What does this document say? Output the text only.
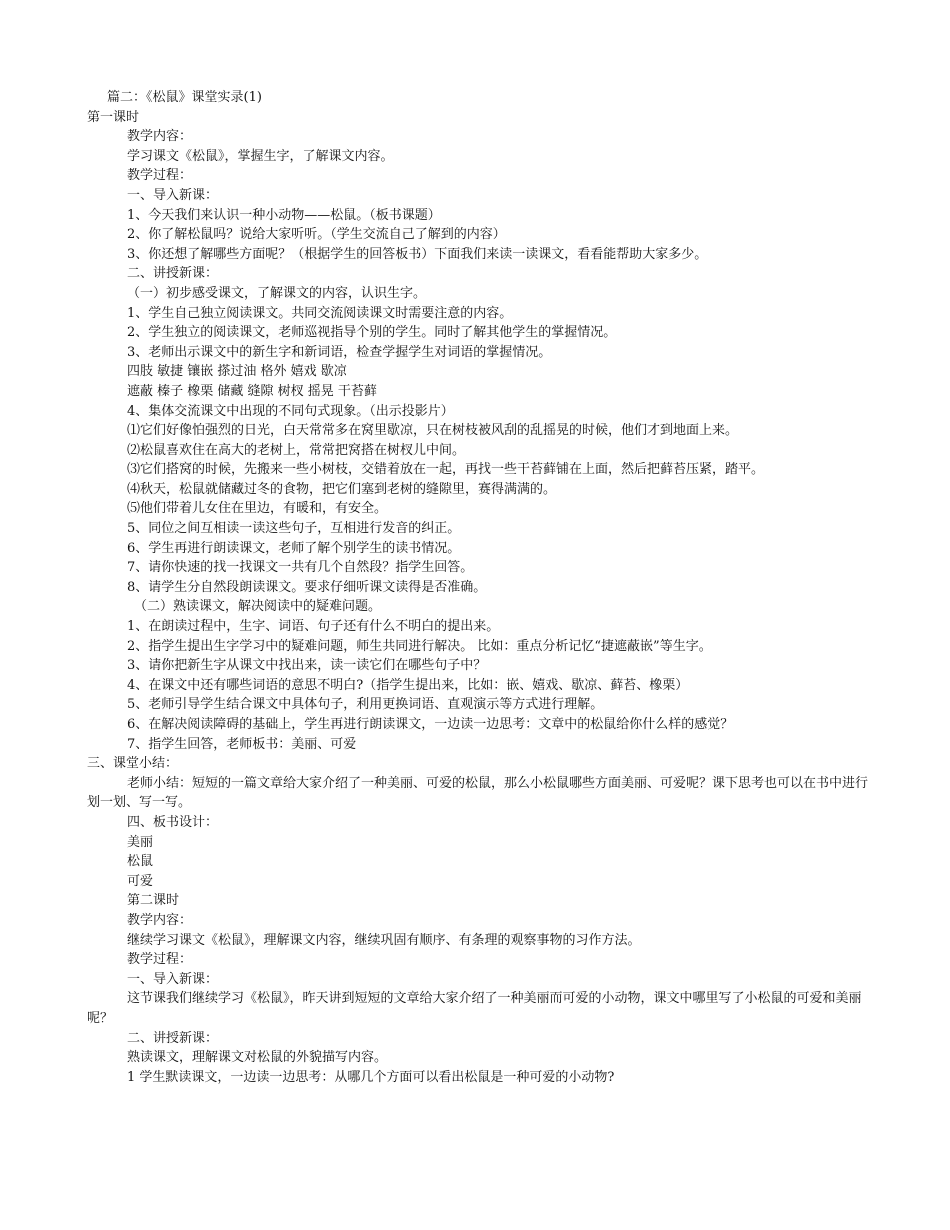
篇二：《松鼠》课堂实录(1)
第一课时
教学内容：
学习课文《松鼠》，掌握生字，了解课文内容。
教学过程：
一、导入新课：
1、今天我们来认识一种小动物——松鼠。（板书课题）
2、你了解松鼠吗？说给大家听听。（学生交流自己了解到的内容）
3、你还想了解哪些方面呢？（根据学生的回答板书）下面我们来读一读课文，看看能帮助大家多少。
二、讲授新课：
（一）初步感受课文，了解课文的内容，认识生字。
1、学生自己独立阅读课文。共同交流阅读课文时需要注意的内容。
2、学生独立的阅读课文，老师巡视指导个别的学生。同时了解其他学生的掌握情况。
3、老师出示课文中的新生字和新词语，检查学握学生对词语的掌握情况。
四肢 敏捷 镶嵌 搽过油 格外 嬉戏 歇凉
遮蔽 榛子 橡栗 储藏 缝隙 树杈 摇晃 干苔藓
4、集体交流课文中出现的不同句式现象。（出示投影片）
⑴它们好像怕强烈的日光，白天常常多在窝里歇凉，只在树枝被风刮的乱摇晃的时候，他们才到地面上来。
⑵松鼠喜欢住在高大的老树上，常常把窝搭在树杈儿中间。
⑶它们搭窝的时候，先搬来一些小树枝，交错着放在一起，再找一些干苔藓铺在上面，然后把藓苔压紧，踏平。
⑷秋天，松鼠就储藏过冬的食物，把它们塞到老树的缝隙里，赛得满满的。
⑸他们带着儿女住在里边，有暖和，有安全。
5、同位之间互相读一读这些句子，互相进行发音的纠正。
6、学生再进行朗读课文，老师了解个别学生的读书情况。
7、请你快速的找一找课文一共有几个自然段？指学生回答。
8、请学生分自然段朗读课文。要求仔细听课文读得是否准确。
（二）熟读课文，解决阅读中的疑难问题。
1、在朗读过程中，生字、词语、句子还有什么不明白的提出来。
2、指学生提出生字学习中的疑难问题，师生共同进行解决。 比如：重点分析记忆“捷遮蔽嵌”等生字。
3、请你把新生字从课文中找出来，读一读它们在哪些句子中？
4、在课文中还有哪些词语的意思不明白?（指学生提出来，比如：嵌、嬉戏、歇凉、藓苔、橡栗）
5、老师引导学生结合课文中具体句子，利用更换词语、直观演示等方式进行理解。
6、在解决阅读障碍的基础上，学生再进行朗读课文，一边读一边思考：文章中的松鼠给你什么样的感觉？
7、指学生回答，老师板书：美丽、可爱
三、课堂小结：
老师小结：短短的一篇文章给大家介绍了一种美丽、可爱的松鼠，那么小松鼠哪些方面美丽、可爱呢？课下思考也可以在书中进行划一划、写一写。
四、板书设计：
美丽
松鼠
可爱
第二课时
教学内容：
继续学习课文《松鼠》，理解课文内容，继续巩固有顺序、有条理的观察事物的习作方法。
教学过程：
一、导入新课：
这节课我们继续学习《松鼠》，昨天讲到短短的文章给大家介绍了一种美丽而可爱的小动物，课文中哪里写了小松鼠的可爱和美丽呢？
二、讲授新课：
熟读课文，理解课文对松鼠的外貌描写内容。
1 学生默读课文，一边读一边思考：从哪几个方面可以看出松鼠是一种可爱的小动物?
